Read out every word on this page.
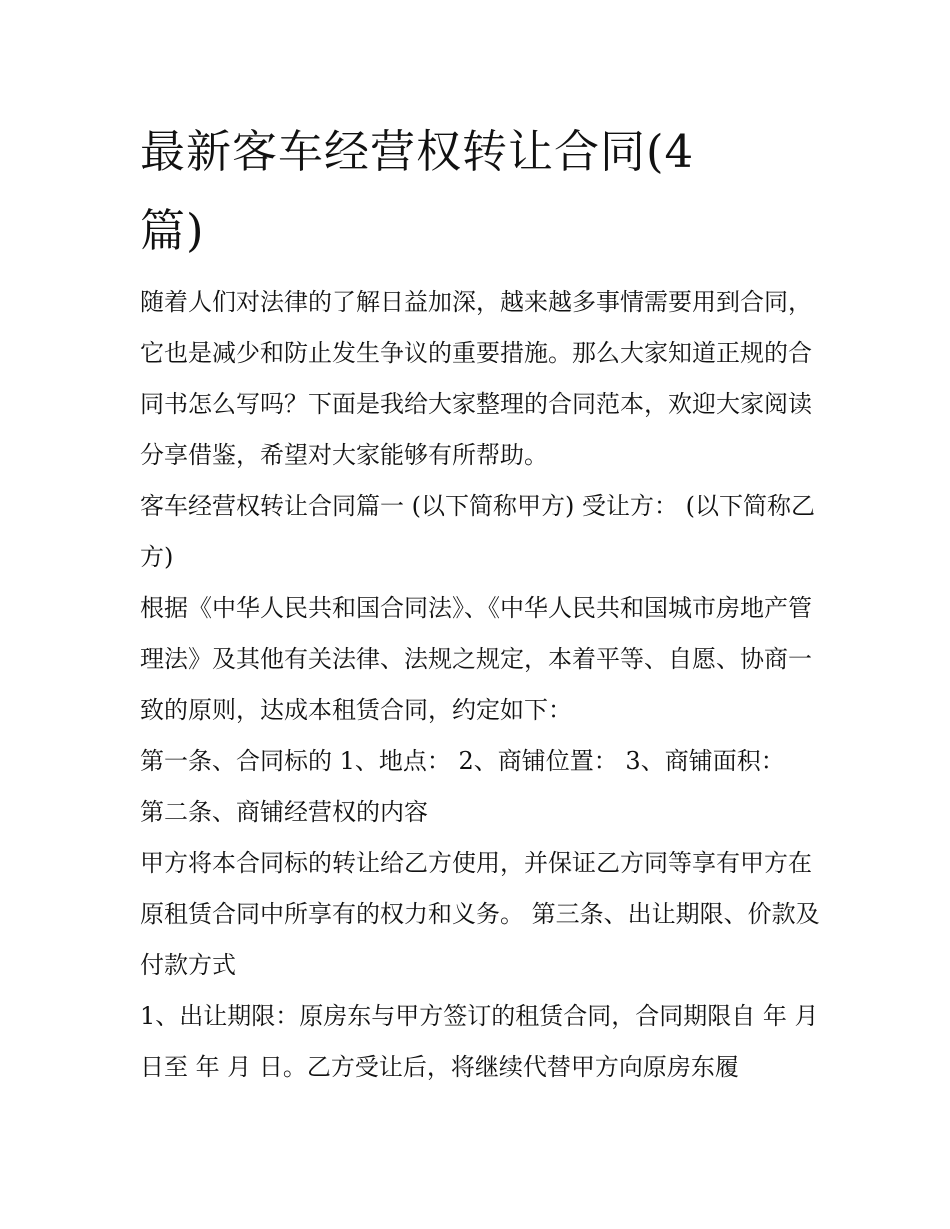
最新客车经营权转让合同(4
篇)

随着人们对法律的了解日益加深，越来越多事情需要用到合同，它也是减少和防止发生争议的重要措施。那么大家知道正规的合同书怎么写吗？下面是我给大家整理的合同范本，欢迎大家阅读分享借鉴，希望对大家能够有所帮助。

客车经营权转让合同篇一 (以下简称甲方) 受让方： (以下简称乙方)

根据《中华人民共和国合同法》、《中华人民共和国城市房地产管理法》及其他有关法律、法规之规定，本着平等、自愿、协商一致的原则，达成本租赁合同，约定如下：

第一条、合同标的 1、地点： 2、商铺位置： 3、商铺面积：

第二条、商铺经营权的内容

甲方将本合同标的转让给乙方使用，并保证乙方同等享有甲方在原租赁合同中所享有的权力和义务。 第三条、出让期限、价款及付款方式

1、出让期限：原房东与甲方签订的租赁合同，合同期限自 年 月 日至 年 月 日。乙方受让后，将继续代替甲方向原房东履
